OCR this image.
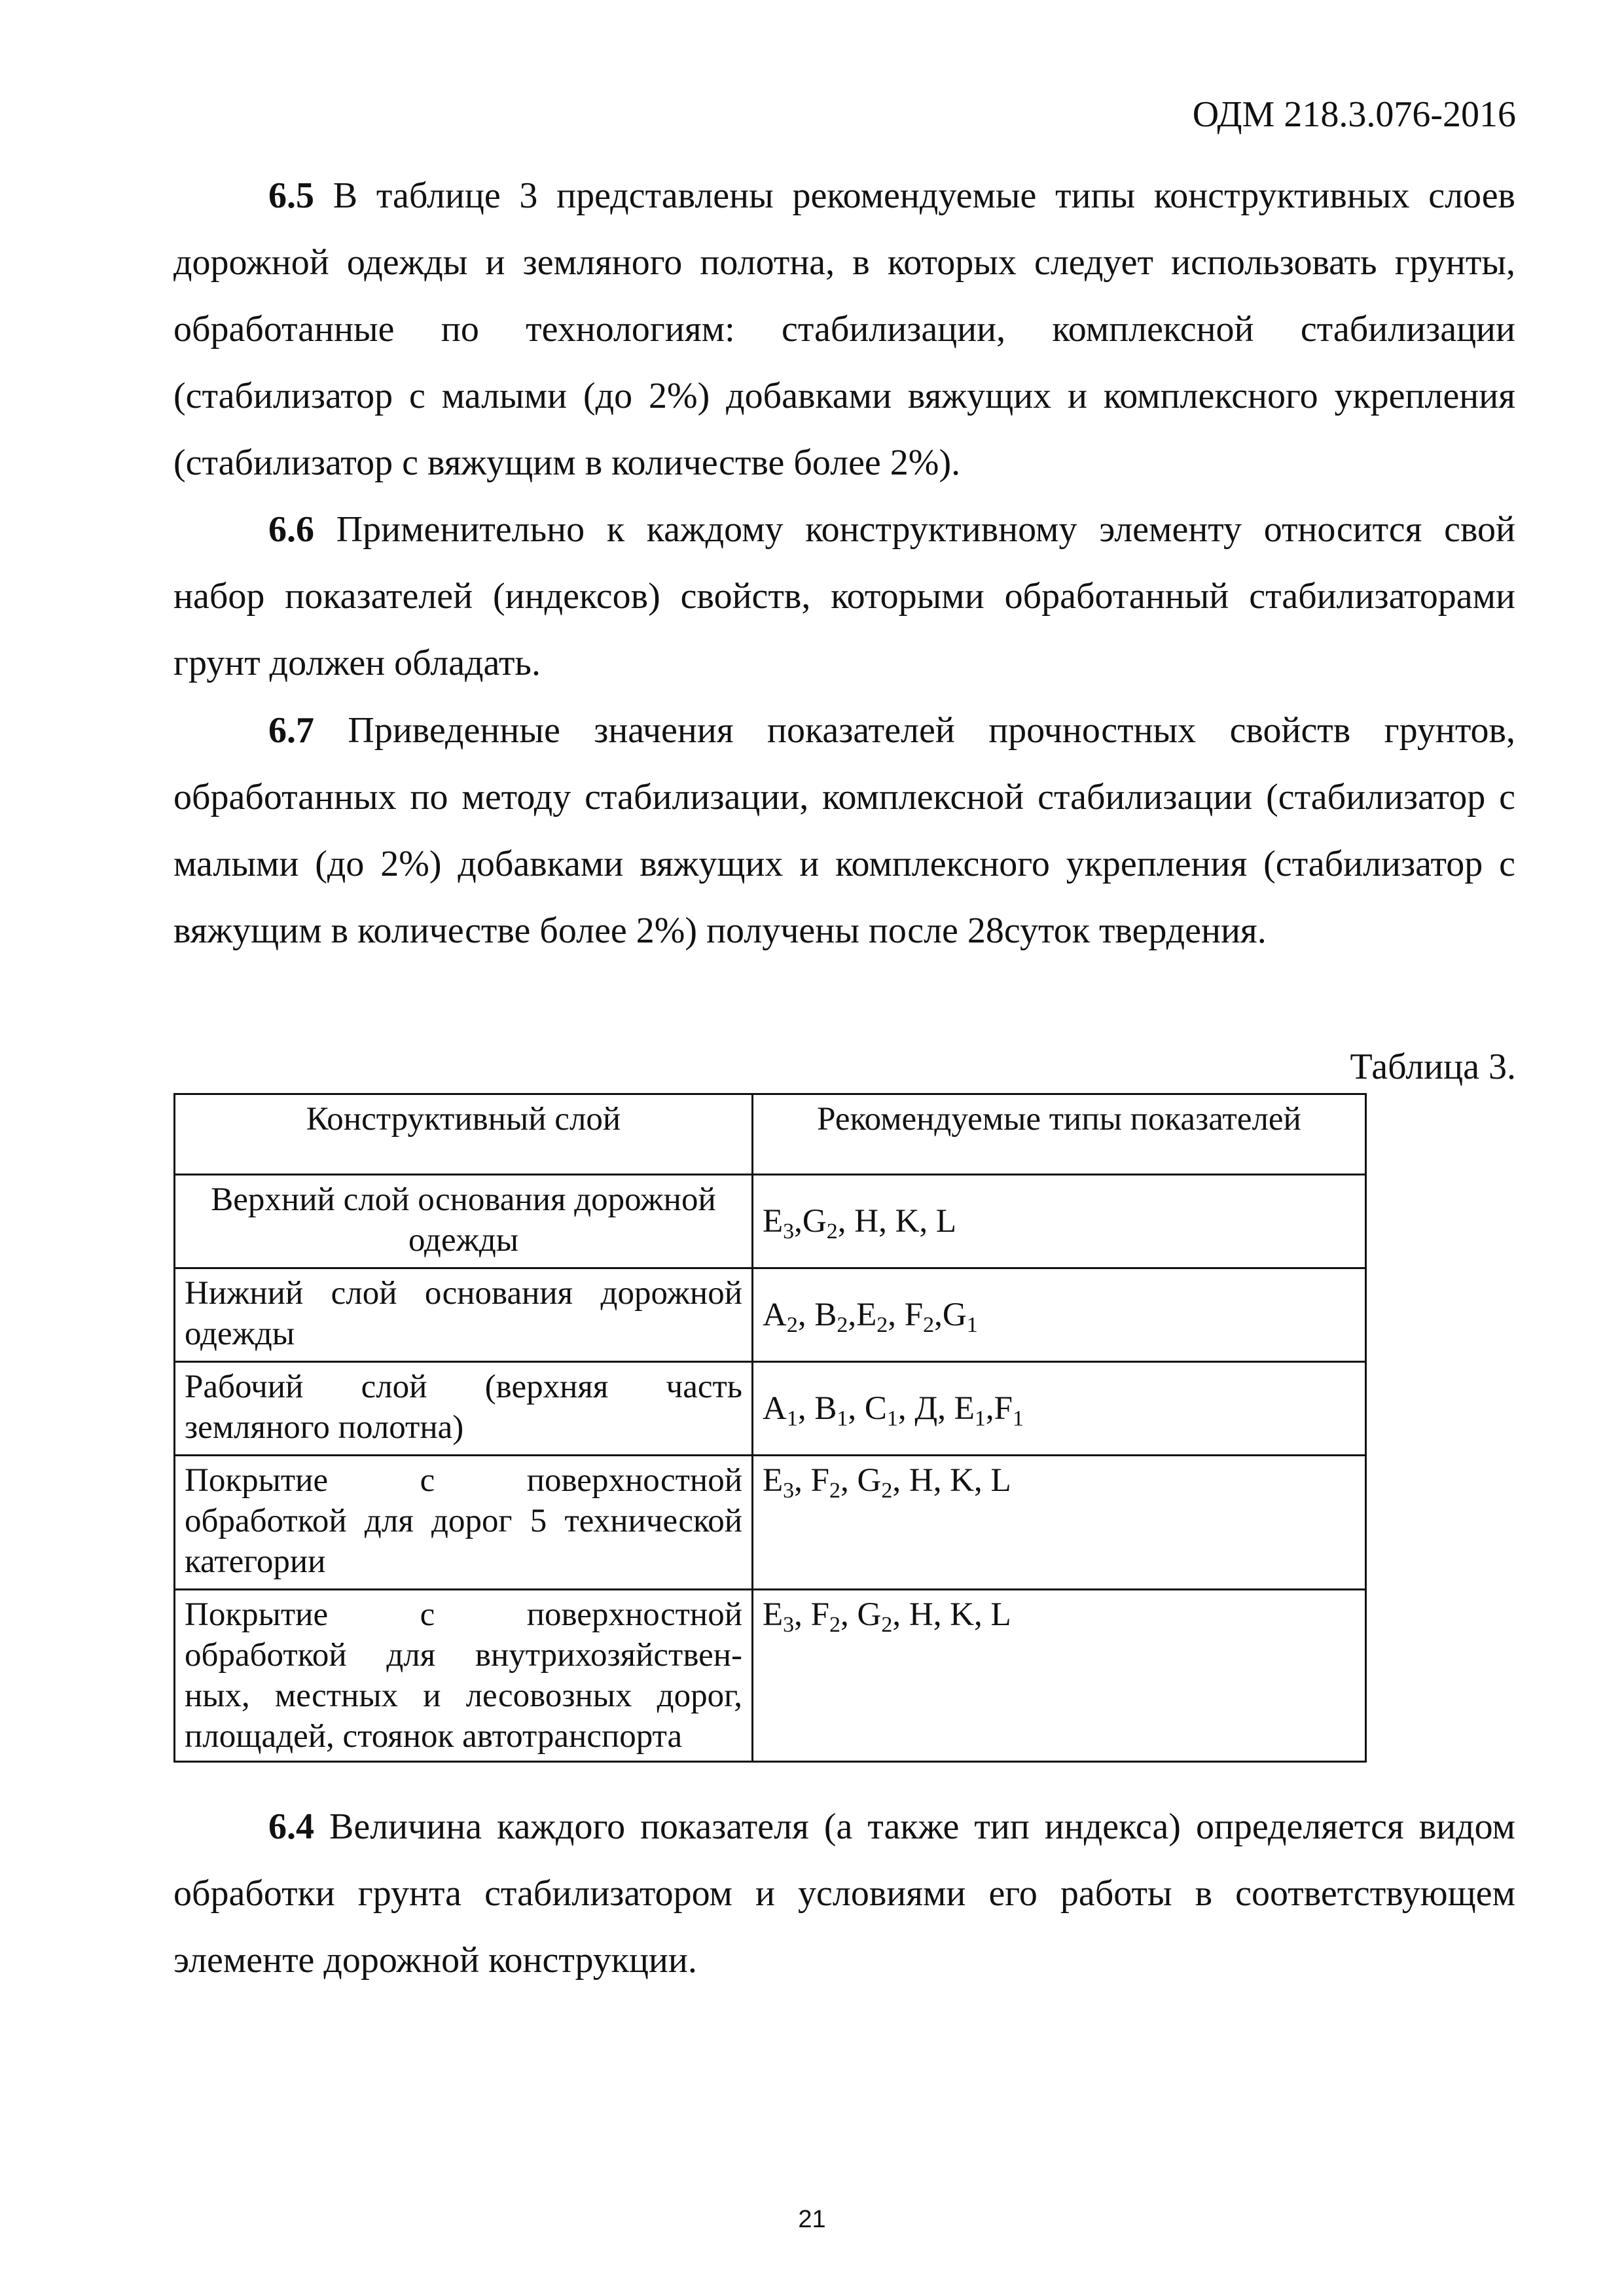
ОДМ 218.3.076-2016
6.5 В таблице 3 представлены рекомендуемые типы конструктивных слоев дорожной одежды и земляного полотна, в которых следует использовать грунты, обработанные по технологиям: стабилизации, комплексной стабилизации (стабилизатор с малыми (до 2%) добавками вяжущих и комплексного укрепления (стабилизатор с вяжущим в количестве более 2%).
6.6 Применительно к каждому конструктивному элементу относится свой набор показателей (индексов) свойств, которыми обработанный стабилизаторами грунт должен обладать.
6.7 Приведенные значения показателей прочностных свойств грунтов, обработанных по методу стабилизации, комплексной стабилизации (стабилизатор с малыми (до 2%) добавками вяжущих и комплексного укрепления (стабилизатор с вяжущим в количестве более 2%) получены после 28суток твердения.
Таблица 3.
Конструктивный слой	Рекомендуемые типы показателей
Верхний слой основания дорожной одежды	$E_3,G_2$, H, K, L
Нижний слой основания дорожной одежды	$A_2$, $B_2,E_2$, $F_2,G_1$
Рабочий слой (верхняя часть земляного полотна)	$A_1$, $B_1$, $C_1$, Д, $E_1,F_1$
Покрытие с поверхностной обработкой для дорог 5 технической категории	$E_3$, $F_2$, $G_2$, H, K, L
Покрытие с поверхностной обработкой для внутрихозяйствен-ных, местных и лесовозных дорог, площадей, стоянок автотранспорта	$E_3$, $F_2$, $G_2$, H, K, L
6.4 Величина каждого показателя (а также тип индекса) определяется видом обработки грунта стабилизатором и условиями его работы в соответствующем элементе дорожной конструкции.
21
